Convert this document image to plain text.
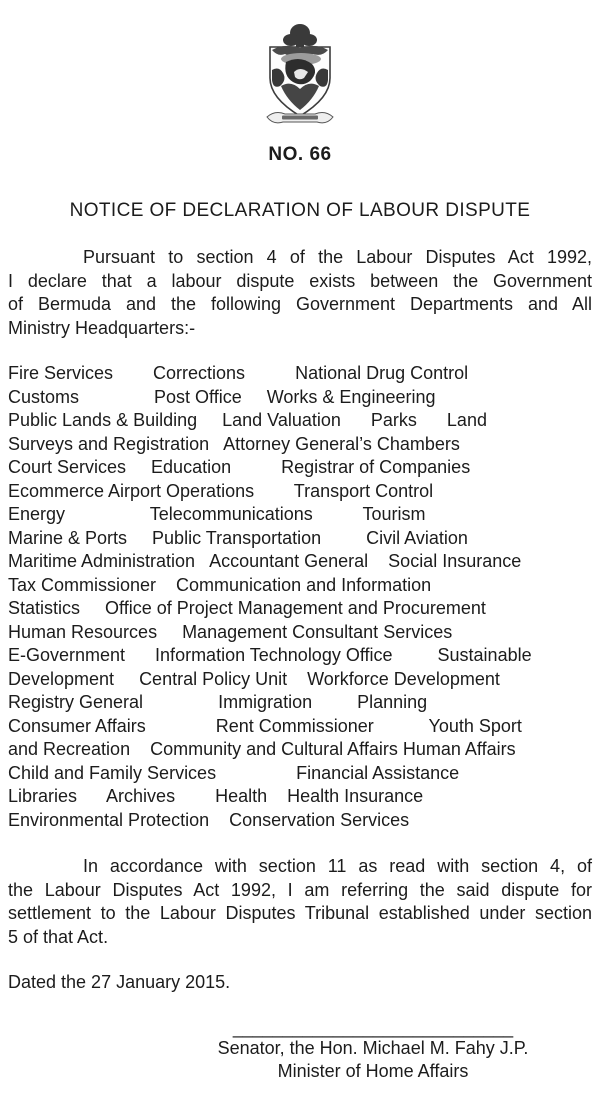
NO. 66
NOTICE OF DECLARATION OF LABOUR DISPUTE
Pursuant to section 4 of the Labour Disputes Act 1992,
I declare that a labour dispute exists between the Government
of Bermuda and the following Government Departments and All
Ministry Headquarters:-
Fire Services        Corrections          National Drug Control
Customs               Post Office     Works & Engineering
Public Lands & Building     Land Valuation      Parks      Land
Surveys and Registration   Attorney General’s Chambers
Court Services     Education          Registrar of Companies
Ecommerce Airport Operations        Transport Control
Energy                 Telecommunications          Tourism
Marine & Ports     Public Transportation         Civil Aviation
Maritime Administration   Accountant General    Social Insurance
Tax Commissioner    Communication and Information
Statistics     Office of Project Management and Procurement
Human Resources     Management Consultant Services
E-Government      Information Technology Office         Sustainable
Development     Central Policy Unit    Workforce Development
Registry General               Immigration         Planning
Consumer Affairs              Rent Commissioner           Youth Sport
and Recreation    Community and Cultural Affairs Human Affairs
Child and Family Services                Financial Assistance
Libraries      Archives        Health    Health Insurance
Environmental Protection    Conservation Services
In accordance with section 11 as read with section 4, of
the Labour Disputes Act 1992, I am referring the said dispute for
settlement to the Labour Disputes Tribunal established under section
5 of that Act.
Dated the 27 January 2015.
____________________________
Senator, the Hon. Michael M. Fahy J.P.
Minister of Home Affairs
